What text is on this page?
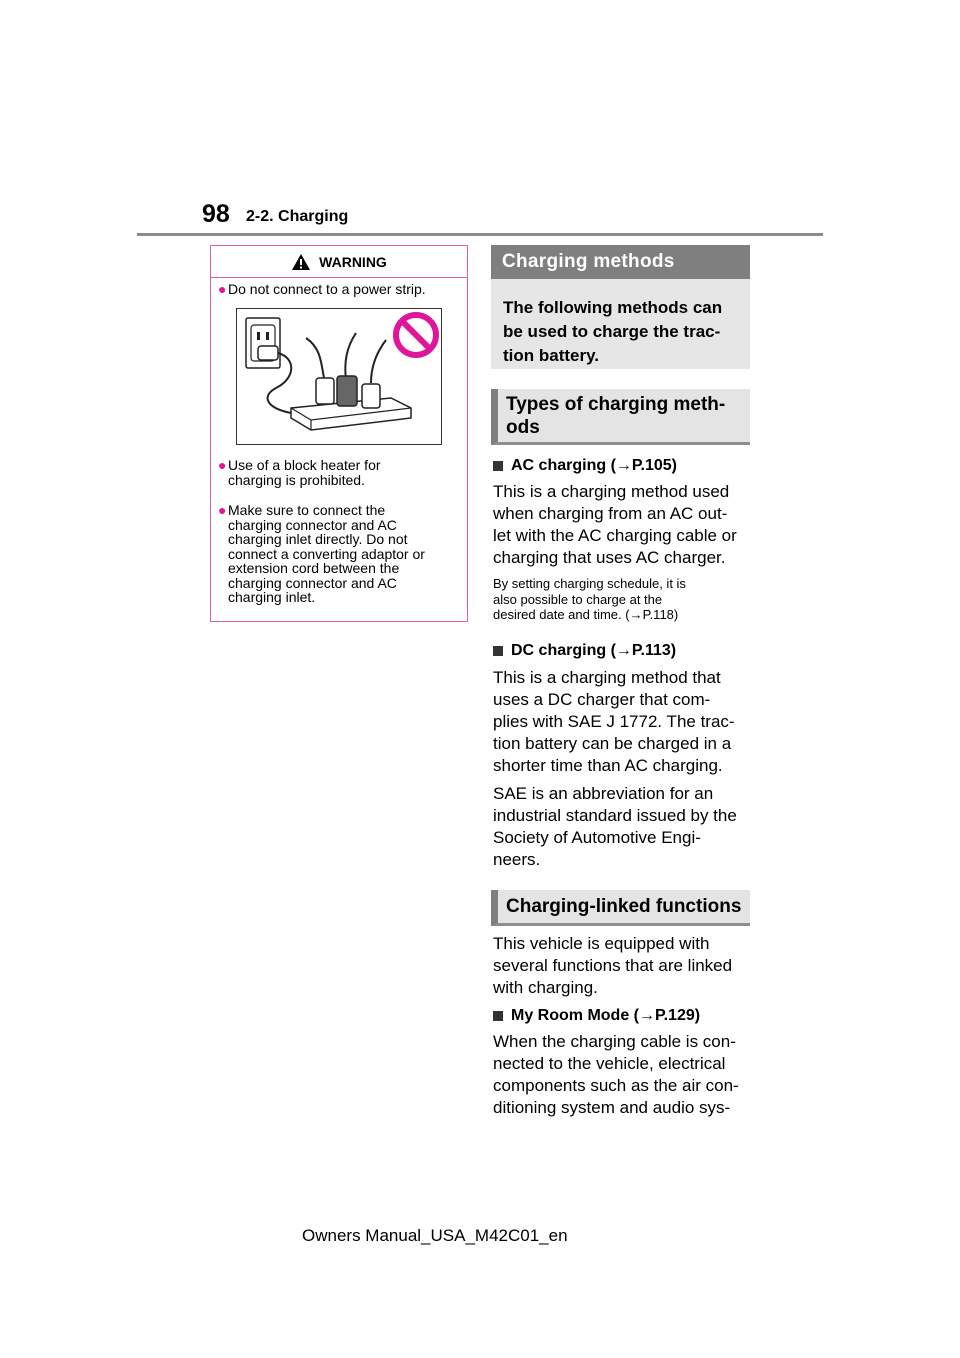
98 2-2. Charging
WARNING
● Do not connect to a power strip.
● Use of a block heater for
charging is prohibited.
● Make sure to connect the
charging connector and AC
charging inlet directly. Do not
connect a converting adaptor or
extension cord between the
charging connector and AC
charging inlet.
Charging methods
The following methods can
be used to charge the trac-
tion battery.
Types of charging meth-
ods
AC charging (→P.105)
This is a charging method used
when charging from an AC out-
let with the AC charging cable or
charging that uses AC charger.
By setting charging schedule, it is
also possible to charge at the
desired date and time. (→P.118)
DC charging (→P.113)
This is a charging method that
uses a DC charger that com-
plies with SAE J 1772. The trac-
tion battery can be charged in a
shorter time than AC charging.
SAE is an abbreviation for an
industrial standard issued by the
Society of Automotive Engi-
neers.
Charging-linked functions
This vehicle is equipped with
several functions that are linked
with charging.
My Room Mode (→P.129)
When the charging cable is con-
nected to the vehicle, electrical
components such as the air con-
ditioning system and audio sys-
Owners Manual_USA_M42C01_en
